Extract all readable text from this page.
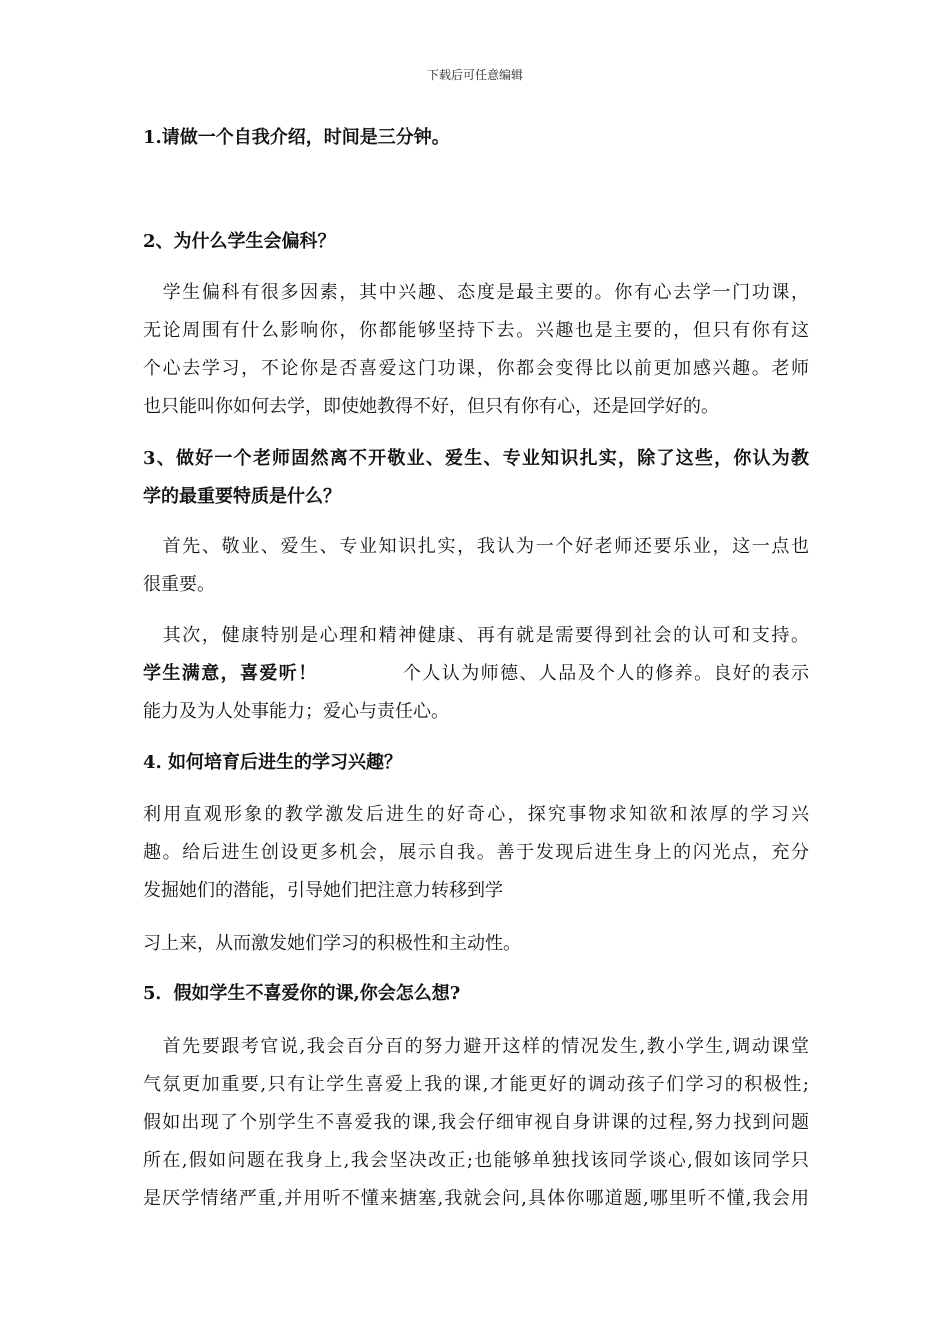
下载后可任意编辑
1.请做一个自我介绍，时间是三分钟。
2、为什么学生会偏科？
　学生偏科有很多因素，其中兴趣、态度是最主要的。你有心去学一门功课，
无论周围有什么影响你，你都能够坚持下去。兴趣也是主要的，但只有你有这
个心去学习，不论你是否喜爱这门功课，你都会变得比以前更加感兴趣。老师
也只能叫你如何去学，即使她教得不好，但只有你有心，还是回学好的。
3、做好一个老师固然离不开敬业、爱生、专业知识扎实，除了这些，你认为教
学的最重要特质是什么？
　首先、敬业、爱生、专业知识扎实，我认为一个好老师还要乐业，这一点也
很重要。
　其次，健康特别是心理和精神健康、再有就是需要得到社会的认可和支持。
学生满意，喜爱听！	个人认为师德、人品及个人的修养。良好的表示
能力及为人处事能力；爱心与责任心。
4. 如何培育后进生的学习兴趣？
利用直观形象的教学激发后进生的好奇心，探究事物求知欲和浓厚的学习兴
趣。给后进生创设更多机会，展示自我。善于发现后进生身上的闪光点，充分
发掘她们的潜能，引导她们把注意力转移到学
习上来，从而激发她们学习的积极性和主动性。
5．假如学生不喜爱你的课,你会怎么想?
　首先要跟考官说,我会百分百的努力避开这样的情况发生,教小学生,调动课堂
气氛更加重要,只有让学生喜爱上我的课,才能更好的调动孩子们学习的积极性;
假如出现了个别学生不喜爱我的课,我会仔细审视自身讲课的过程,努力找到问题
所在,假如问题在我身上,我会坚决改正;也能够单独找该同学谈心,假如该同学只
是厌学情绪严重,并用听不懂来搪塞,我就会问,具体你哪道题,哪里听不懂,我会用
